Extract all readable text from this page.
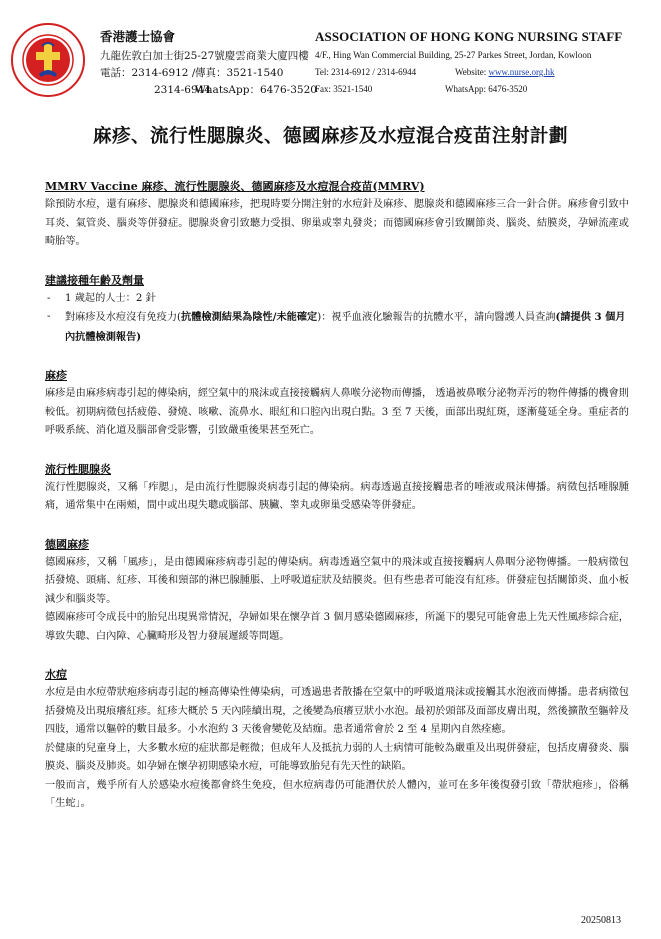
香港護士協會
九龍佐敦白加士街25-27號慶雲商業大廈四樓
電話：2314-6912 /傳真：3521-1540
2314-6944WhatsApp：6476-3520
ASSOCIATION OF HONG KONG NURSING STAFF
4/F., Hing Wan Commercial Building, 25-27 Parkes Street, Jordan, Kowloon
Tel: 2314-6912 / 2314-6944	Website: www.nurse.org.hk
Fax: 3521-1540	WhatsApp: 6476-3520
麻疹、流行性腮腺炎、德國麻疹及水痘混合疫苗注射計劃

MMRV Vaccine 麻疹、流行性腮腺炎、德國麻疹及水痘混合疫苗(MMRV)

除預防水痘，還有麻疹、腮腺炎和德國麻疹，把現時要分開注射的水痘針及麻疹、腮腺炎和德國麻疹三合一針合併。麻疹會引致中耳炎、氣管炎、腦炎等併發症。腮腺炎會引致聽力受損、卵巢或睾丸發炎；而德國麻疹會引致關節炎、腦炎、結膜炎，孕婦流產或畸胎等。

建議接種年齡及劑量

- 1 歲起的人士：2 針
- 對麻疹及水痘沒有免疫力(抗體檢測結果為陰性/未能確定)：視乎血液化驗報告的抗體水平，請向醫護人員查詢(請提供 3 個月內抗體檢測報告)

麻疹

麻疹是由麻疹病毒引起的傳染病，經空氣中的飛沫或直接接觸病人鼻喉分泌物而傳播， 透過被鼻喉分泌物弄污的物件傳播的機會則較低。初期病徵包括疲倦、發燒、咳嗽、流鼻水、眼紅和口腔內出現白點。3 至 7 天後，面部出現紅斑，逐漸蔓延全身。重症者的呼吸系統、消化道及腦部會受影響，引致嚴重後果甚至死亡。

流行性腮腺炎

流行性腮腺炎，又稱「痄腮」，是由流行性腮腺炎病毒引起的傳染病。病毒透過直接接觸患者的唾液或飛沫傳播。病徵包括唾腺腫痛，通常集中在兩頰，間中或出現失聰或腦部、胰臟、睾丸或卵巢受感染等併發症。

德國麻疹

德國麻疹，又稱「風疹」，是由德國麻疹病毒引起的傳染病。病毒透過空氣中的飛沫或直接接觸病人鼻咽分泌物傳播。一般病徵包括發燒、頭痛、紅疹、耳後和頸部的淋巴腺腫脹、上呼吸道症狀及結膜炎。但有些患者可能沒有紅疹。併發症包括關節炎、血小板減少和腦炎等。

德國麻疹可令成長中的胎兒出現異常情況，孕婦如果在懷孕首 3 個月感染德國麻疹，所誕下的嬰兒可能會患上先天性風疹綜合症，導致失聰、白內障、心臟畸形及智力發展遲緩等問題。

水痘

水痘是由水痘帶狀疱疹病毒引起的極高傳染性傳染病，可透過患者散播在空氣中的呼吸道飛沫或接觸其水泡液而傳播。患者病徵包括發燒及出現痕癢紅疹。紅疹大概於 5 天內陸續出現，之後變為痕癢豆狀小水泡。最初於頭部及面部皮膚出現，然後擴散至軀幹及四肢，通常以軀幹的數目最多。小水泡約 3 天後會變乾及結痂。患者通常會於 2 至 4 星期內自然痊癒。

於健康的兒童身上，大多數水痘的症狀都是輕微；但成年人及抵抗力弱的人士病情可能較為嚴重及出現併發症，包括皮膚發炎、腦膜炎、腦炎及肺炎。如孕婦在懷孕初期感染水痘，可能導致胎兒有先天性的缺陷。

一般而言，幾乎所有人於感染水痘後都會終生免疫，但水痘病毒仍可能潛伏於人體內，並可在多年後復發引致「帶狀疱疹」，俗稱「生蛇」。

20250813
